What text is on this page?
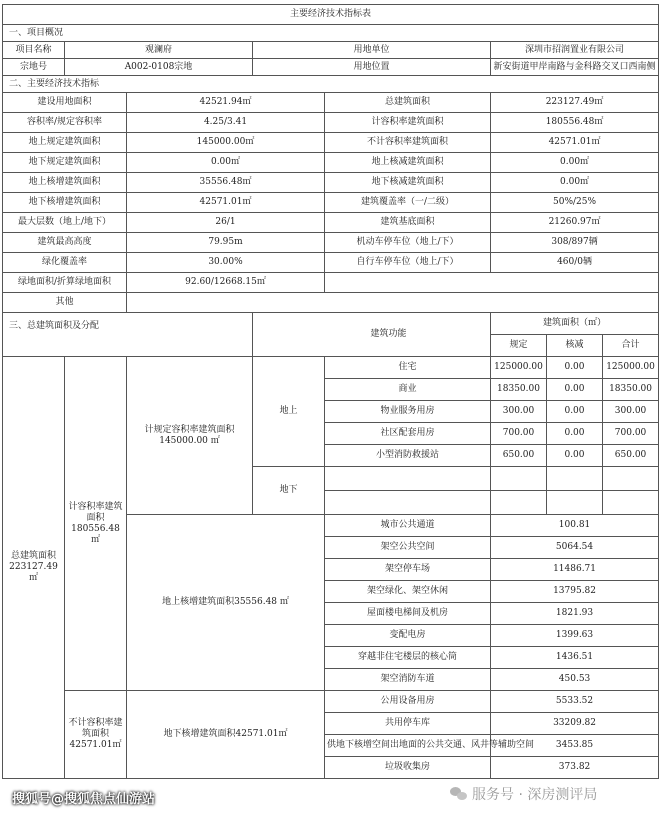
主要经济技术指标表								
一、项目概况								
项目名称	观澜府		用地单位			深圳市招润置业有限公司		
宗地号	A002-0108宗地		用地位置			新安街道甲岸南路与金科路交叉口西南侧		
二、主要经济技术指标								
建设用地面积		42521.94㎡		总建筑面积		223127.49㎡		
容积率/规定容积率		4.25/3.41		计容积率建筑面积		180556.48㎡		
地上规定建筑面积		145000.00㎡		不计容积率建筑面积		42571.01㎡		
地下规定建筑面积		0.00㎡		地上核减建筑面积		0.00㎡		
地上核增建筑面积		35556.48㎡		地下核减建筑面积		0.00㎡		
地下核增建筑面积		42571.01㎡		建筑覆盖率（一/二级）		50%/25%		
最大层数（地上/地下）		26/1		建筑基底面积		21260.97㎡		
建筑最高高度		79.95m		机动车停车位（地上/下）		308/897辆		
绿化覆盖率		30.00%		自行车停车位（地上/下）		460/0辆		
绿地面积/折算绿地面积		92.60/12668.15㎡						
其他								
三、总建筑面积及分配					建筑功能	建筑面积（㎡）		
						规定	核减	合计
总建筑面积 223127.49㎡	计容积率建筑面积 180556.48㎡	计规定容积率建筑面积 145000.00 ㎡	地上	住宅		125000.00	0.00	125000.00
				商业		18350.00	0.00	18350.00
				物业服务用房		300.00	0.00	300.00
				社区配套用房		700.00	0.00	700.00
				小型消防救援站		650.00	0.00	650.00
			地下					

		地上核增建筑面积35556.48 ㎡		城市公共通道		100.81		
				架空公共空间		5064.54		
				架空停车场		11486.71		
				架空绿化、架空休闲		13795.82		
				屋面楼电梯间及机房		1821.93		
				变配电房		1399.63		
				穿越非住宅楼层的核心筒		1436.51		
				架空消防车道		450.53		
	不计容积率建筑面积 42571.01㎡	地下核增建筑面积42571.01㎡		公用设备用房		5533.52		
				共用停车库		33209.82		
				供地下核增空间出地面的公共交通、风井等辅助空间		3453.85		
				垃圾收集房		373.82		
搜狐号@搜狐焦点仙游站	服务号 · 深房测评局
